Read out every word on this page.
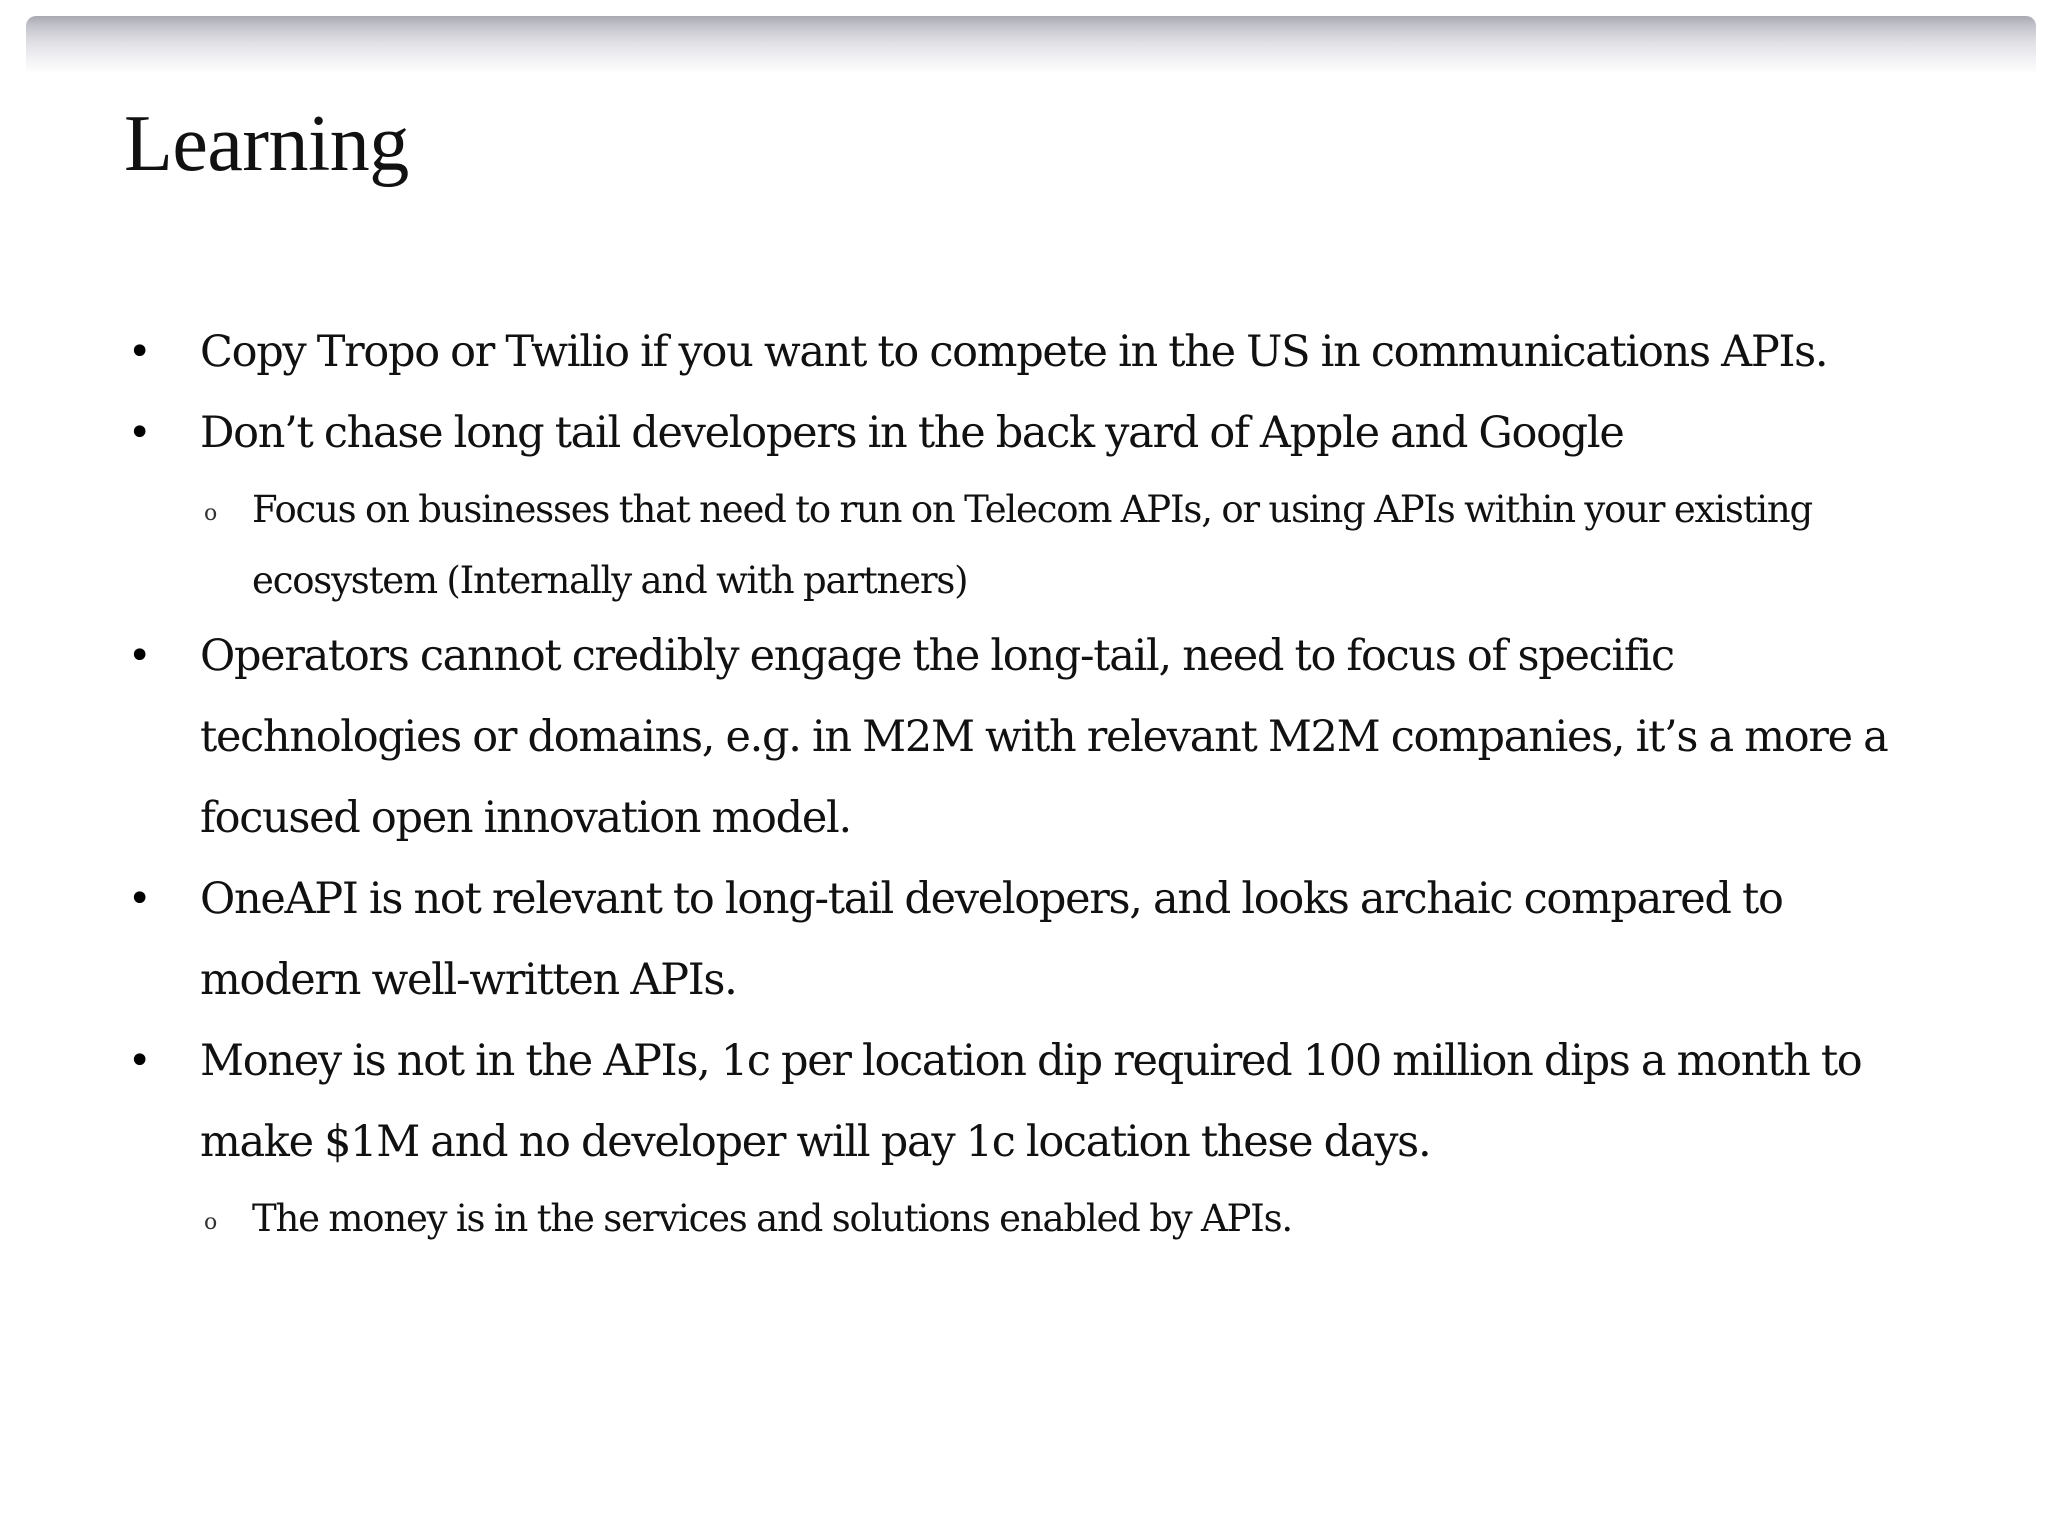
Learning
• Copy Tropo or Twilio if you want to compete in the US in communications APIs.
• Don’t chase long tail developers in the back yard of Apple and Google
o Focus on businesses that need to run on Telecom APIs, or using APIs within your existing ecosystem (Internally and with partners)
• Operators cannot credibly engage the long-tail, need to focus of specific technologies or domains, e.g. in M2M with relevant M2M companies, it’s a more a focused open innovation model.
• OneAPI is not relevant to long-tail developers, and looks archaic compared to modern well-written APIs.
• Money is not in the APIs, 1c per location dip required 100 million dips a month to make $1M and no developer will pay 1c location these days.
o The money is in the services and solutions enabled by APIs.
